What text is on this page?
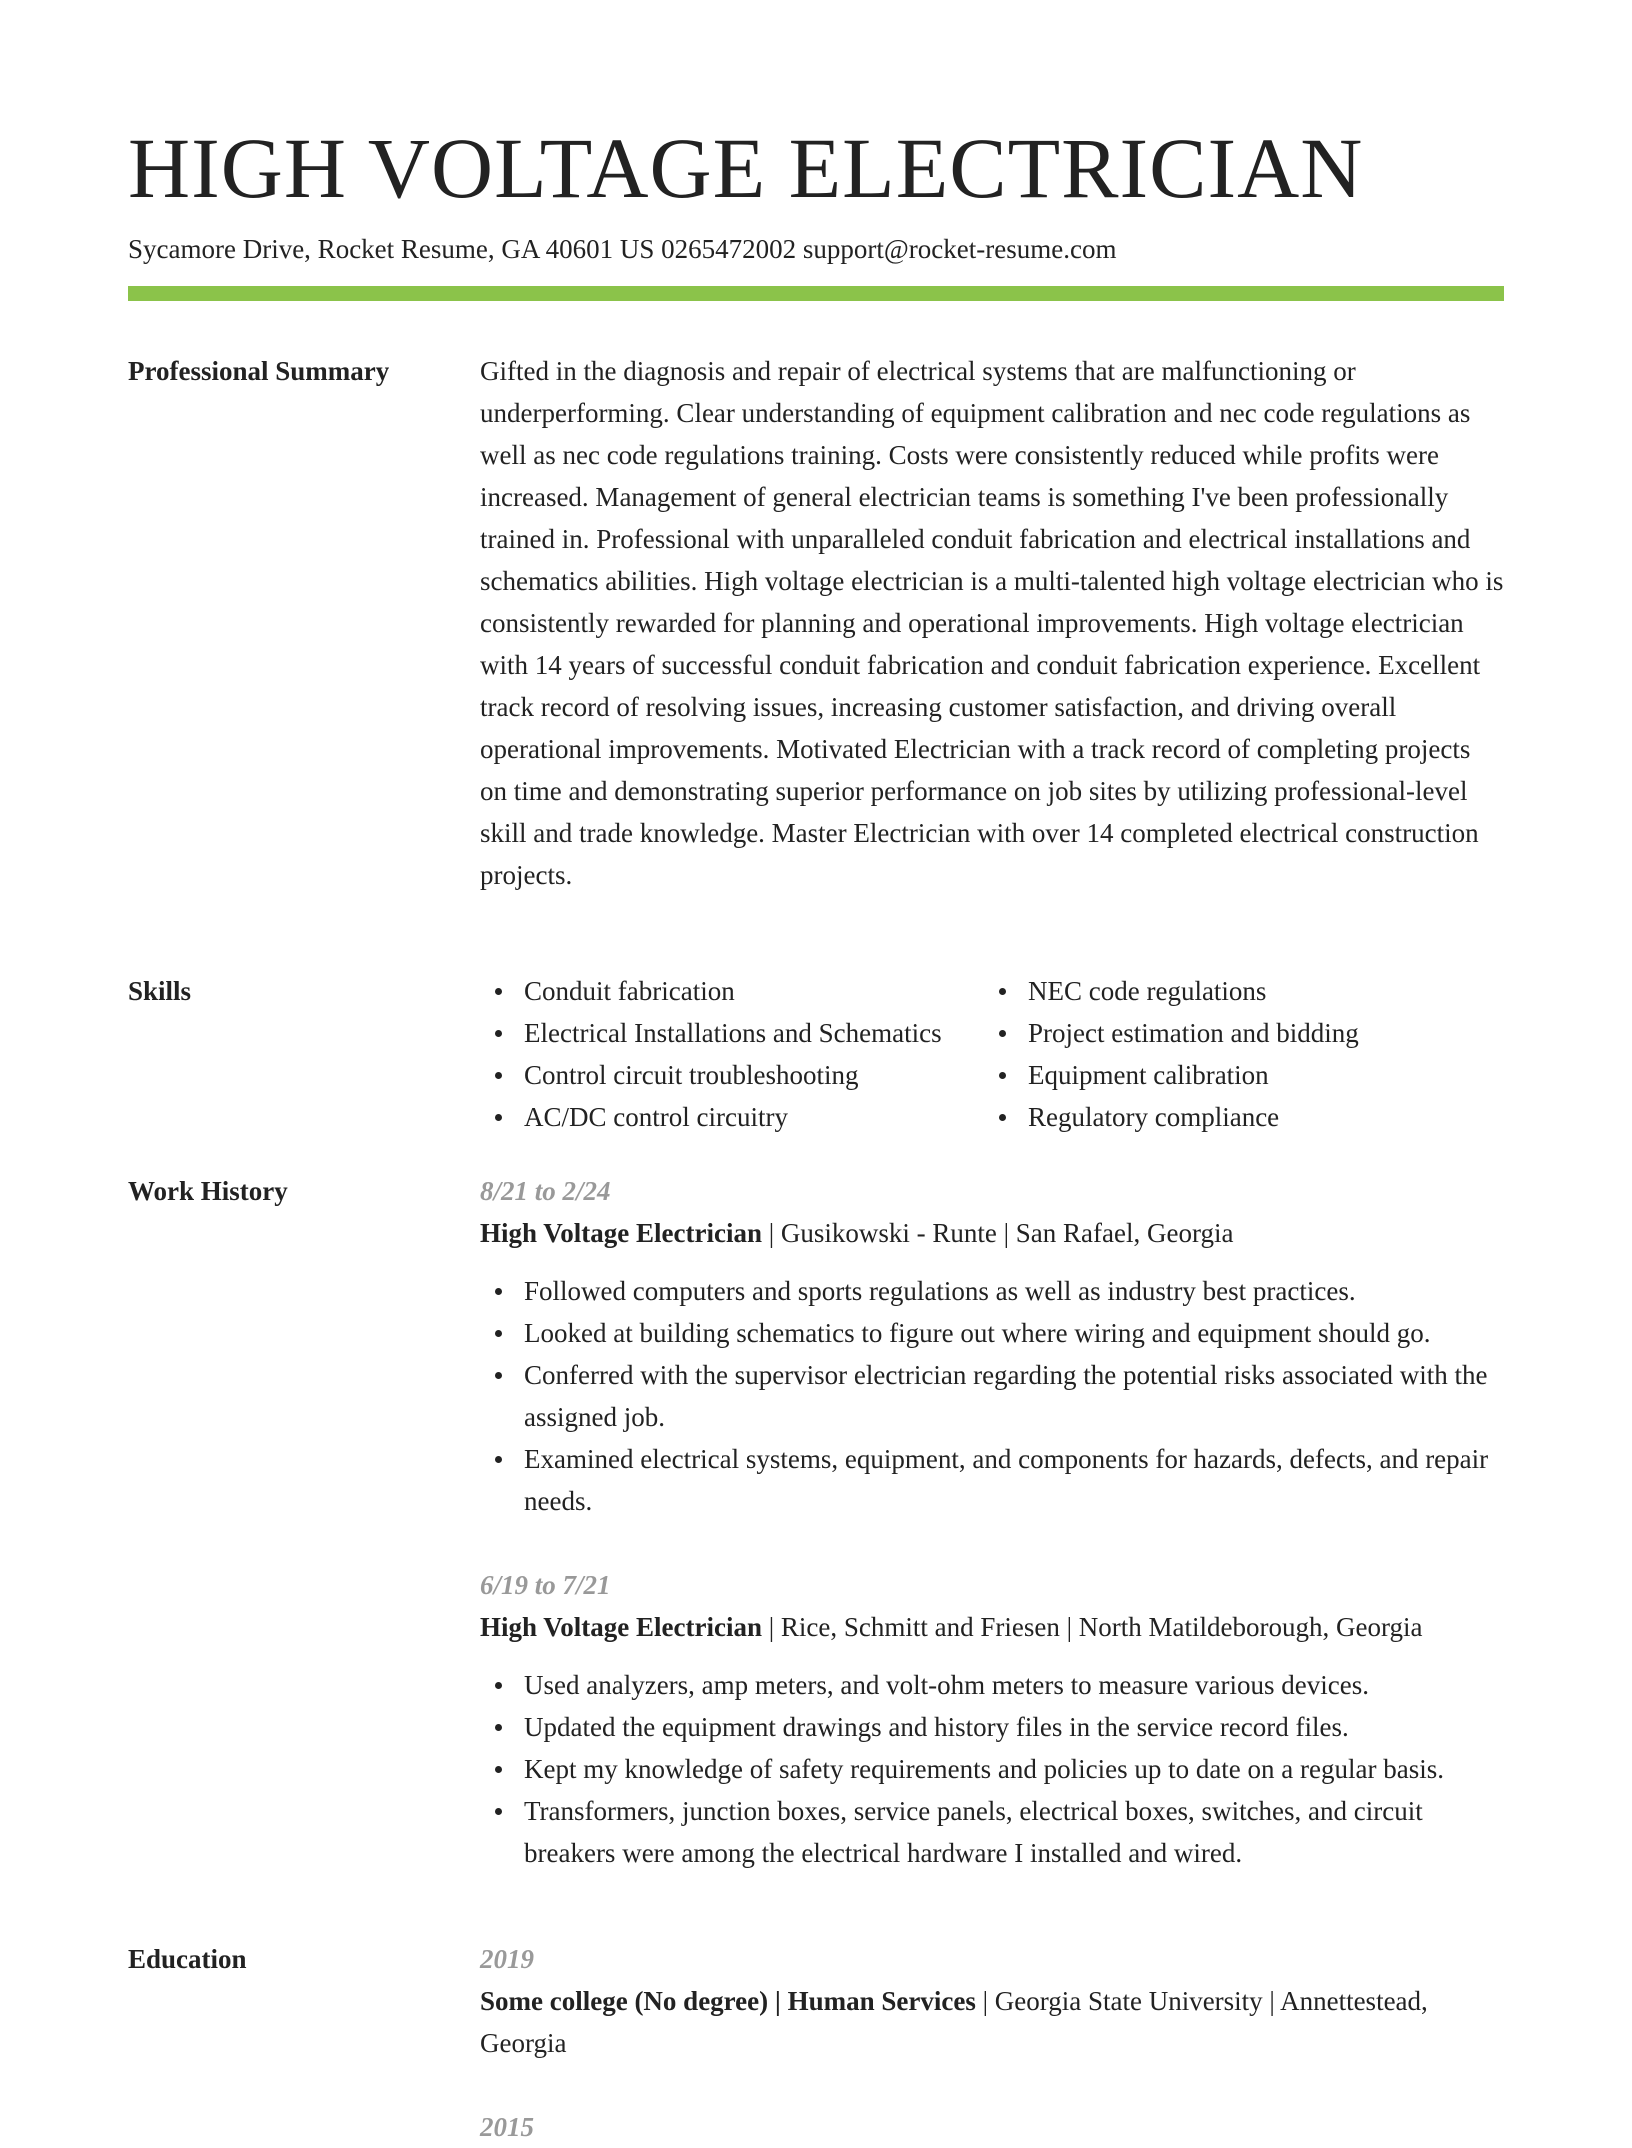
HIGH VOLTAGE ELECTRICIAN
Sycamore Drive, Rocket Resume, GA 40601 US 0265472002 support@rocket-resume.com
Professional Summary	Gifted in the diagnosis and repair of electrical systems that are malfunctioning or underperforming. Clear understanding of equipment calibration and nec code regulations as well as nec code regulations training. Costs were consistently reduced while profits were increased. Management of general electrician teams is something I've been professionally trained in. Professional with unparalleled conduit fabrication and electrical installations and schematics abilities. High voltage electrician is a multi-talented high voltage electrician who is consistently rewarded for planning and operational improvements. High voltage electrician with 14 years of successful conduit fabrication and conduit fabrication experience. Excellent track record of resolving issues, increasing customer satisfaction, and driving overall operational improvements. Motivated Electrician with a track record of completing projects on time and demonstrating superior performance on job sites by utilizing professional-level skill and trade knowledge. Master Electrician with over 14 completed electrical construction projects.

Skills	Conduit fabrication
Electrical Installations and Schematics
Control circuit troubleshooting
AC/DC control circuitry
NEC code regulations
Project estimation and bidding
Equipment calibration
Regulatory compliance
Work History	8/21 to 2/24
High Voltage Electrician | Gusikowski - Runte | San Rafael, Georgia
Followed computers and sports regulations as well as industry best practices.
Looked at building schematics to figure out where wiring and equipment should go.
Conferred with the supervisor electrician regarding the potential risks associated with the assigned job.
Examined electrical systems, equipment, and components for hazards, defects, and repair needs.
6/19 to 7/21
High Voltage Electrician | Rice, Schmitt and Friesen | North Matildeborough, Georgia
Used analyzers, amp meters, and volt-ohm meters to measure various devices.
Updated the equipment drawings and history files in the service record files.
Kept my knowledge of safety requirements and policies up to date on a regular basis.
Transformers, junction boxes, service panels, electrical boxes, switches, and circuit breakers were among the electrical hardware I installed and wired.
Education	2019
Some college (No degree) | Human Services | Georgia State University | Annettestead, Georgia
2015
